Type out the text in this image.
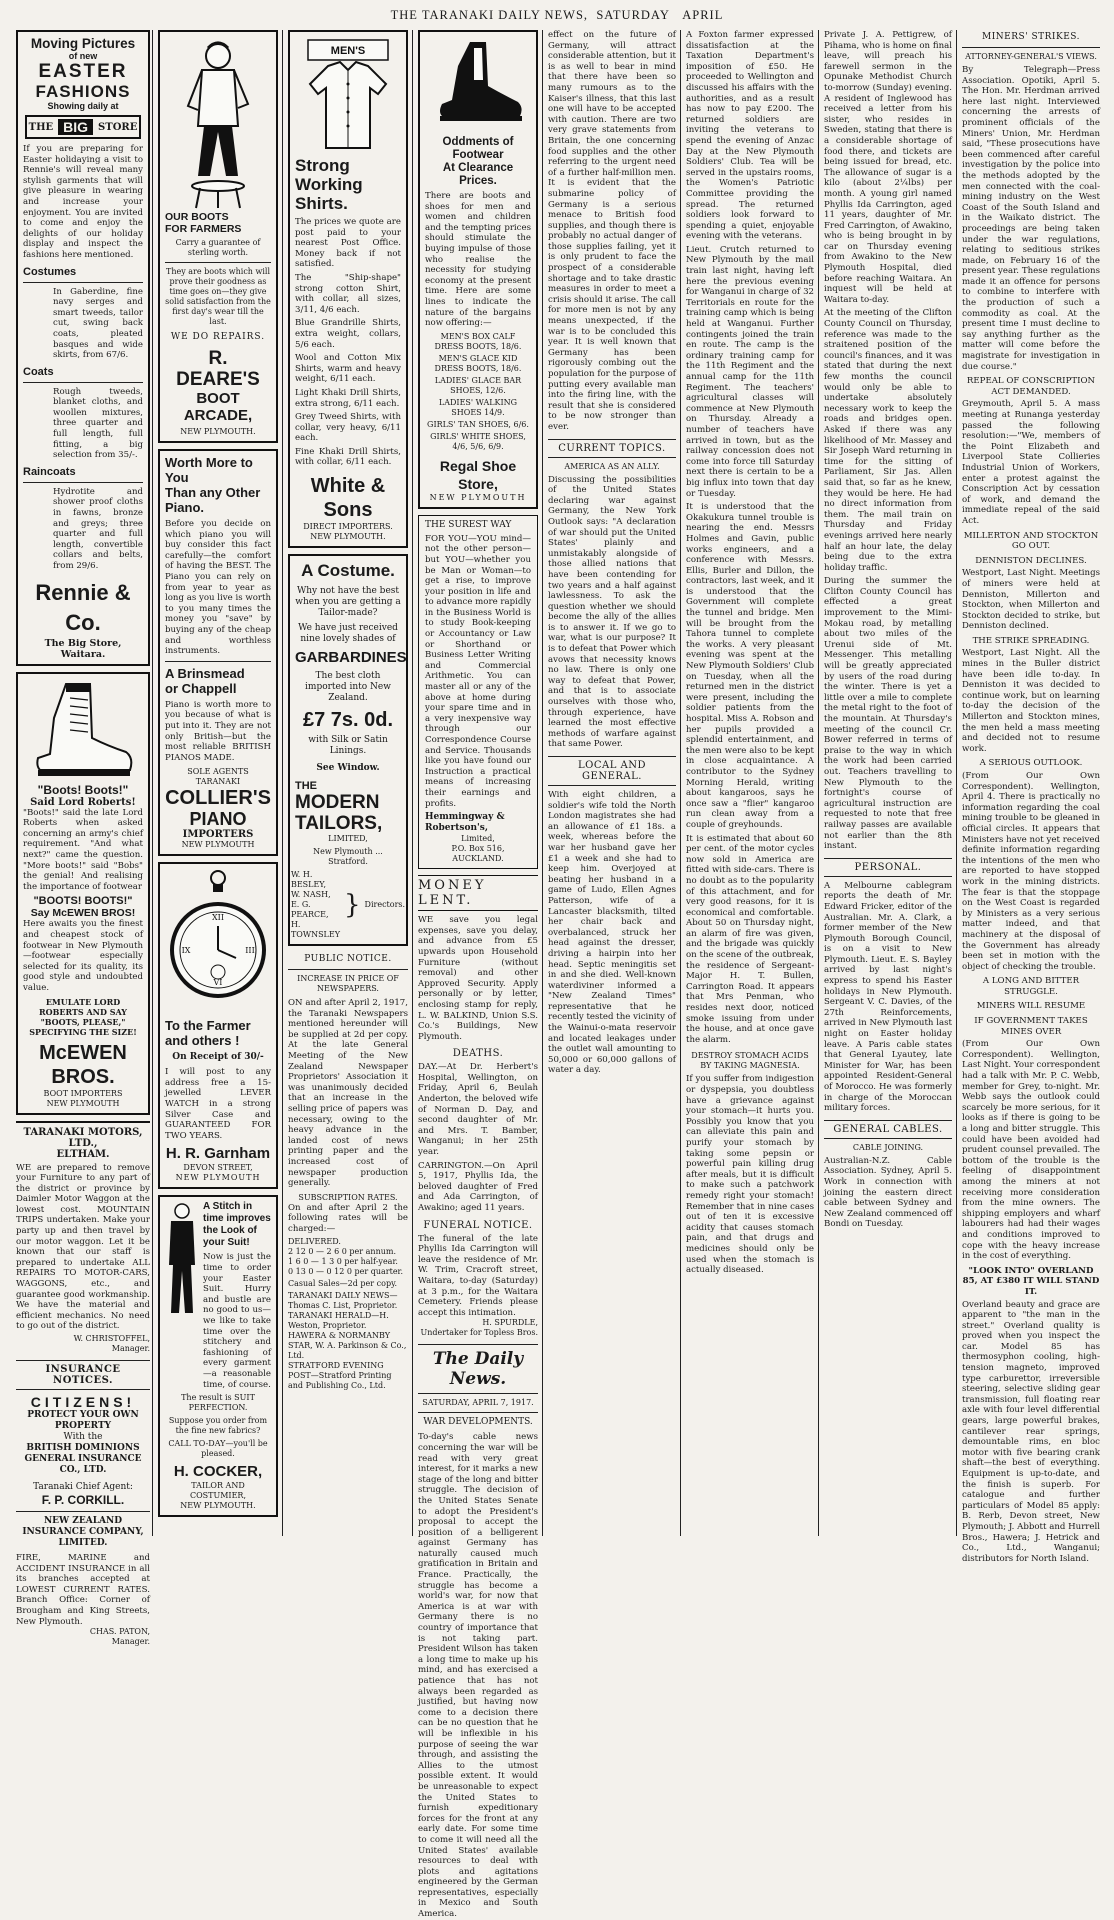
THE TARANAKI DAILY NEWS, SATURDAY APRIL
Moving Pictures
of new
EASTER
FASHIONS
Showing daily at
THE BIG	STORE
If you are preparing for Easter holidaying a visit to Rennie's will reveal many stylish garments that will give pleasure in wearing and increase your enjoyment. You are invited to come and enjoy the delights of our holiday display and inspect the fashions here mentioned.
Costumes
In Gaberdine, fine navy serges and smart tweeds, tailor cut, swing back coats, pleated basques and wide skirts, from 67/6.
Coats
Rough tweeds, blanket cloths, and woollen mixtures, three quarter and full length, full fitting, a big selection from 35/-.
Raincoats
Hydrotite and shower proof cloths in fawns, bronze and greys; three quarter and full length, convertible collars and belts, from 29/6.
Rennie & Co.
The Big Store, Waitara.
"Boots! Boots!"
Said Lord Roberts!
"Boots!" said the late Lord Roberts when asked concerning an army's chief requirement. "And what next?" came the question. "More boots!" said "Bobs" the genial! And realising the importance of footwear
"BOOTS! BOOTS!"
Say McEWEN BROS!
Here awaits you the finest and cheapest stock of footwear in New Plymouth—footwear especially selected for its quality, its good style and undoubted value.
EMULATE LORD ROBERTS AND SAY "BOOTS, PLEASE," SPECIFYING THE SIZE!
McEWEN BROS.
BOOT IMPORTERS
NEW PLYMOUTH
TARANAKI MOTORS, LTD.,
ELTHAM.
WE are prepared to remove your Furniture to any part of the district or province by Daimler Motor Waggon at the lowest cost. MOUNTAIN TRIPS undertaken. Make your party up and then travel by our motor waggon. Let it be known that our staff is prepared to undertake ALL REPAIRS TO MOTOR-CARS, WAGGONS, etc., and guarantee good workmanship. We have the material and efficient mechanics. No need to go out of the district.
W. CHRISTOFFEL,
Manager.
INSURANCE NOTICES.
CITIZENS!
PROTECT YOUR OWN PROPERTY
With the
BRITISH DOMINIONS GENERAL INSURANCE CO., LTD.
Taranaki Chief Agent:
F. P. CORKILL.
NEW ZEALAND INSURANCE COMPANY, LIMITED.
FIRE, MARINE and ACCIDENT INSURANCE in all its branches accepted at LOWEST CURRENT RATES. Branch Office: Corner of Brougham and King Streets, New Plymouth.
CHAS. PATON,
Manager.
OUR BOOTS
FOR FARMERS
Carry a guarantee of sterling worth.
They are boots which will prove their goodness as time goes on—they give solid satisfaction from the first day's wear till the last.
WE DO REPAIRS.
R. DEARE'S
BOOT
ARCADE,
NEW PLYMOUTH.
Worth More to You
Than any Other Piano.
Before you decide on which piano you will buy consider this fact carefully—the comfort of having the BEST. The Piano you can rely on from year to year as long as you live is worth to you many times the money you "save" by buying any of the cheap and worthless instruments.
A Brinsmead
or Chappell
Piano is worth more to you because of what is put into it. They are not only British—but the most reliable BRITISH PIANOS MADE.
SOLE AGENTS TARANAKI
COLLIER'S
PIANO
IMPORTERS
NEW PLYMOUTH
XII
III
VI
IX
To the Farmer
and others !
On Receipt of 30/-
I will post to any address free a 15-jewelled LEVER WATCH in a strong Silver Case and GUARANTEED FOR TWO YEARS.
H. R. Garnham
DEVON STREET,
NEW PLYMOUTH
A Stitch in time improves the Look of your Suit!
Now is just the time to order your Easter Suit. Hurry and bustle are no good to us—we like to take time over the stitchery and fashioning of every garment—a reasonable time, of course.
The result is SUIT PERFECTION.
Suppose you order from the fine new fabrics?
CALL TO-DAY—you'll be pleased.
H. COCKER,
TAILOR AND COSTUMIER,
NEW PLYMOUTH.
MEN'S
Strong
Working
Shirts.
The prices we quote are post paid to your nearest Post Office. Money back if not satisfied.
The "Ship-shape" strong cotton Shirt, with collar, all sizes, 3/11, 4/6 each.
Blue Grandrille Shirts, extra weight, collars, 5/6 each.
Wool and Cotton Mix Shirts, warm and heavy weight, 6/11 each.
Light Khaki Drill Shirts, extra strong, 6/11 each.
Grey Tweed Shirts, with collar, very heavy, 6/11 each.
Fine Khaki Drill Shirts, with collar, 6/11 each.
White & Sons
DIRECT IMPORTERS.
NEW PLYMOUTH.
A Costume.
Why not have the best when you are getting a Tailor-made?
We have just received nine lovely shades of
GARBARDINES
The best cloth imported into New Zealand.
£7 7s. 0d.
with Silk or Satin Linings.
See Window.
THE
MODERN
TAILORS,
LIMITED,
New Plymouth ... Stratford.
W. H. BESLEY,
W. NASH,
E. G. PEARCE,
H. TOWNSLEY
} Directors.
PUBLIC NOTICE.
INCREASE IN PRICE OF NEWSPAPERS.
ON and after April 2, 1917, the Taranaki Newspapers mentioned hereunder will be supplied at 2d per copy. At the late General Meeting of the New Zealand Newspaper Proprietors' Association it was unanimously decided that an increase in the selling price of papers was necessary, owing to the heavy advance in the landed cost of news printing paper and the increased cost of newspaper production generally.
SUBSCRIPTION RATES.
On and after April 2 the following rates will be charged:—
DELIVERED.
2 12 0 — 2 6 0 per annum.
1 6 0 — 1 3 0 per half-year.
0 13 0 — 0 12 0 per quarter.
Casual Sales—2d per copy.
TARANAKI DAILY NEWS—Thomas C. List, Proprietor.
TARANAKI HERALD—H. Weston, Proprietor.
HAWERA & NORMANBY STAR, W. A. Parkinson & Co., Ltd.
STRATFORD EVENING POST—Stratford Printing and Publishing Co., Ltd.
Oddments of Footwear
At Clearance Prices.
There are boots and shoes for men and women and children and the tempting prices should stimulate the buying impulse of those who realise the necessity for studying economy at the present time. Here are some lines to indicate the nature of the bargains now offering:—
MEN'S BOX CALF DRESS BOOTS, 18/6.
MEN'S GLACE KID DRESS BOOTS, 18/6.
LADIES' GLACE BAR SHOES, 12/6.
LADIES' WALKING SHOES 14/9.
GIRLS' TAN SHOES, 6/6.
GIRLS' WHITE SHOES, 4/6, 5/6, 6/9.
Regal Shoe Store,
NEW PLYMOUTH
THE SUREST WAY
FOR YOU—YOU mind—not the other person—but YOU—whether you be Man or Woman—to get a rise, to improve your position in life and to advance more rapidly in the Business World is to study Book-keeping or Accountancy or Law or Shorthand or Business Letter Writing and Commercial Arithmetic. You can master all or any of the above at home during your spare time and in a very inexpensive way through our Correspondence Course and Service. Thousands like you have found our Instruction a practical means of increasing their earnings and profits.
Hemmingway & Robertson's,
Limited,
P.O. Box 516,
AUCKLAND.
MONEY LENT.
WE save you legal expenses, save you delay, and advance from £5 upwards upon Household Furniture (without removal) and other Approved Security. Apply personally or by letter, enclosing stamp for reply, L. W. BALKIND, Union S.S. Co.'s Buildings, New Plymouth.
DEATHS.
DAY.—At Dr. Herbert's Hospital, Wellington, on Friday, April 6, Beulah Anderton, the beloved wife of Norman D. Day, and second daughter of Mr. and Mrs. T. Bamber, Wanganui; in her 25th year.
CARRINGTON.—On April 5, 1917, Phyllis Ida, the beloved daughter of Fred and Ada Carrington, of Awakino; aged 11 years.
FUNERAL NOTICE.
The funeral of the late Phyllis Ida Carrington will leave the residence of Mr. W. Trim, Cracroft street, Waitara, to-day (Saturday) at 3 p.m., for the Waitara Cemetery. Friends please accept this intimation.
H. SPURDLE,
Undertaker for Topless Bros.
The Daily News.
SATURDAY, APRIL 7, 1917.
WAR DEVELOPMENTS.
To-day's cable news concerning the war will be read with very great interest, for it marks a new stage of the long and bitter struggle. The decision of the United States Senate to adopt the President's proposal to accept the position of a belligerent against Germany has naturally caused much gratification in Britain and France. Practically, the struggle has become a world's war, for now that America is at war with Germany there is no country of importance that is not taking part. President Wilson has taken a long time to make up his mind, and has exercised a patience that has not always been regarded as justified, but having now come to a decision there can be no question that he will be inflexible in his purpose of seeing the war through, and assisting the Allies to the utmost possible extent. It would be unreasonable to expect the United States to furnish expeditionary forces for the front at any early date. For some time to come it will need all the United States' available resources to deal with plots and agitations engineered by the German representatives, especially in Mexico and South America.
effect on the future of Germany, will attract considerable attention, but it is as well to bear in mind that there have been so many rumours as to the Kaiser's illness, that this last one will have to be accepted with caution. There are two very grave statements from Britain, the one concerning food supplies and the other referring to the urgent need of a further half-million men. It is evident that the submarine policy of Germany is a serious menace to British food supplies, and though there is probably no actual danger of those supplies failing, yet it is only prudent to face the prospect of a considerable shortage and to take drastic measures in order to meet a crisis should it arise. The call for more men is not by any means unexpected, if the war is to be concluded this year. It is well known that Germany has been rigorously combing out the population for the purpose of putting every available man into the firing line, with the result that she is considered to be now stronger than ever.
CURRENT TOPICS.
AMERICA AS AN ALLY.
Discussing the possibilities of the United States declaring war against Germany, the New York Outlook says: "A declaration of war should put the United States' plainly and unmistakably alongside of those allied nations that have been contending for two years and a half against lawlessness. To ask the question whether we should become the ally of the allies is to answer it. If we go to war, what is our purpose? It is to defeat that Power which avows that necessity knows no law. There is only one way to defeat that Power, and that is to associate ourselves with those who, through experience, have learned the most effective methods of warfare against that same Power.
LOCAL AND GENERAL.
With eight children, a soldier's wife told the North London magistrates she had an allowance of £1 18s. a week, whereas before the war her husband gave her £1 a week and she had to keep him. Overjoyed at beating her husband in a game of Ludo, Ellen Agnes Patterson, wife of a Lancaster blacksmith, tilted her chair back and overbalanced, struck her head against the dresser, driving a hairpin into her head. Septic meningitis set in and she died. Well-known waterdiviner informed a "New Zealand Times" representative that he recently tested the vicinity of the Wainui-o-mata reservoir and located leakages under the outlet wall amounting to 50,000 or 60,000 gallons of water a day.
A Foxton farmer expressed dissatisfaction at the Taxation Department's imposition of £50. He proceeded to Wellington and discussed his affairs with the authorities, and as a result has now to pay £200. The returned soldiers are inviting the veterans to spend the evening of Anzac Day at the New Plymouth Soldiers' Club. Tea will be served in the upstairs rooms, the Women's Patriotic Committee providing the spread. The returned soldiers look forward to spending a quiet, enjoyable evening with the veterans.
Lieut. Crutch returned to New Plymouth by the mail train last night, having left here the previous evening for Wanganui in charge of 32 Territorials en route for the training camp which is being held at Wanganui. Further contingents joined the train en route. The camp is the ordinary training camp for the 11th Regiment and the annual camp for the 11th Regiment. The teachers' agricultural classes will commence at New Plymouth on Thursday. Already a number of teachers have arrived in town, but as the railway concession does not come into force till Saturday next there is certain to be a big influx into town that day or Tuesday.
It is understood that the Okakukura tunnel trouble is nearing the end. Messrs Holmes and Gavin, public works engineers, and a conference with Messrs. Ellis, Burler and Dillon, the contractors, last week, and it is understood that the Government will complete the tunnel and bridge. Men will be brought from the Tahora tunnel to complete the works. A very pleasant evening was spent at the New Plymouth Soldiers' Club on Tuesday, when all the returned men in the district were present, including the soldier patients from the hospital. Miss A. Robson and her pupils provided a splendid entertainment, and the men were also to be kept in close acquaintance. A contributor to the Sydney Morning Herald, writing about kangaroos, says he once saw a "flier" kangaroo run clean away from a couple of greyhounds.
It is estimated that about 60 per cent. of the motor cycles now sold in America are fitted with side-cars. There is no doubt as to the popularity of this attachment, and for very good reasons, for it is economical and comfortable. About 50 on Thursday night, an alarm of fire was given, and the brigade was quickly on the scene of the outbreak, the residence of Sergeant-Major H. T. Bullen, Carrington Road. It appears that Mrs Penman, who resides next door, noticed smoke issuing from under the house, and at once gave the alarm.
DESTROY STOMACH ACIDS BY TAKING MAGNESIA.
If you suffer from indigestion or dyspepsia, you doubtless have a grievance against your stomach—it hurts you. Possibly you know that you can alleviate this pain and purify your stomach by taking some pepsin or powerful pain killing drug after meals, but it is difficult to make such a patchwork remedy right your stomach! Remember that in nine cases out of ten it is excessive acidity that causes stomach pain, and that drugs and medicines should only be used when the stomach is actually diseased.
Private J. A. Pettigrew, of Pihama, who is home on final leave, will preach his farewell sermon in the Opunake Methodist Church to-morrow (Sunday) evening. A resident of Inglewood has received a letter from his sister, who resides in Sweden, stating that there is a considerable shortage of food there, and tickets are being issued for bread, etc. The allowance of sugar is a kilo (about 2¼lbs) per month. A young girl named Phyllis Ida Carrington, aged 11 years, daughter of Mr. Fred Carrington, of Awakino, who is being brought in by car on Thursday evening from Awakino to the New Plymouth Hospital, died before reaching Waitara. An inquest will be held at Waitara to-day.
At the meeting of the Clifton County Council on Thursday, reference was made to the straitened position of the council's finances, and it was stated that during the next few months the council would only be able to undertake absolutely necessary work to keep the roads and bridges open. Asked if there was any likelihood of Mr. Massey and Sir Joseph Ward returning in time for the sitting of Parliament, Sir Jas. Allen said that, so far as he knew, they would be here. He had no direct information from them. The mail train on Thursday and Friday evenings arrived here nearly half an hour late, the delay being due to the extra holiday traffic.
During the summer the Clifton County Council has effected a great improvement to the Mimi-Mokau road, by metalling about two miles of the Urenui side of Mt. Messenger. This metalling will be greatly appreciated by users of the road during the winter. There is yet a little over a mile to complete the metal right to the foot of the mountain. At Thursday's meeting of the council Cr. Bower referred in terms of praise to the way in which the work had been carried out. Teachers travelling to New Plymouth to the fortnight's course of agricultural instruction are requested to note that free railway passes are available not earlier than the 8th instant.
PERSONAL.
A Melbourne cablegram reports the death of Mr. Edward Fricker, editor of the Australian. Mr. A. Clark, a former member of the New Plymouth Borough Council, is on a visit to New Plymouth. Lieut. E. S. Bayley arrived by last night's express to spend his Easter holidays in New Plymouth. Sergeant V. C. Davies, of the 27th Reinforcements, arrived in New Plymouth last night on Easter holiday leave. A Paris cable states that General Lyautey, late Minister for War, has been appointed Resident-General of Morocco. He was formerly in charge of the Moroccan military forces.
GENERAL CABLES.
CABLE JOINING.
Australian-N.Z. Cable Association. Sydney, April 5. Work in connection with joining the eastern direct cable between Sydney and New Zealand commenced off Bondi on Tuesday.
MINERS' STRIKES.
ATTORNEY-GENERAL'S VIEWS.
By Telegraph—Press Association. Opotiki, April 5. The Hon. Mr. Herdman arrived here last night. Interviewed concerning the arrests of prominent officials of the Miners' Union, Mr. Herdman said, "These prosecutions have been commenced after careful investigation by the police into the methods adopted by the men connected with the coal-mining industry on the West Coast of the South Island and in the Waikato district. The proceedings are being taken under the war regulations, relating to seditious strikes made, on February 16 of the present year. These regulations made it an offence for persons to combine to interfere with the production of such a commodity as coal. At the present time I must decline to say anything further as the matter will come before the magistrate for investigation in due course."
REPEAL OF CONSCRIPTION ACT DEMANDED.
Greymouth, April 5. A mass meeting at Runanga yesterday passed the following resolution:—"We, members of the Point Elizabeth and Liverpool State Collieries Industrial Union of Workers, enter a protest against the Conscription Act by cessation of work, and demand the immediate repeal of the said Act.
MILLERTON AND STOCKTON GO OUT.
DENNISTON DECLINES.
Westport, Last Night. Meetings of miners were held at Denniston, Millerton and Stockton, when Millerton and Stockton decided to strike, but Denniston declined.
THE STRIKE SPREADING.
Westport, Last Night. All the mines in the Buller district have been idle to-day. In Denniston it was decided to continue work, but on learning to-day the decision of the Millerton and Stockton mines, the men held a mass meeting and decided not to resume work.
A SERIOUS OUTLOOK.
(From Our Own Correspondent). Wellington, April 4. There is practically no information regarding the coal mining trouble to be gleaned in official circles. It appears that Ministers have not yet received definite information regarding the intentions of the men who are reported to have stopped work in the mining districts. The fear is that the stoppage on the West Coast is regarded by Ministers as a very serious matter indeed, and that machinery at the disposal of the Government has already been set in motion with the object of checking the trouble.
A LONG AND BITTER STRUGGLE.
MINERS WILL RESUME
IF GOVERNMENT TAKES MINES OVER
(From Our Own Correspondent). Wellington, Last Night. Your correspondent had a talk with Mr. P. C. Webb, member for Grey, to-night. Mr. Webb says the outlook could scarcely be more serious, for it looks as if there is going to be a long and bitter struggle. This could have been avoided had prudent counsel prevailed. The bottom of the trouble is the feeling of disappointment among the miners at not receiving more consideration from the mine owners. The shipping employers and wharf labourers had had their wages and conditions improved to cope with the heavy increase in the cost of everything.
"LOOK INTO" OVERLAND 85, AT £380 IT WILL STAND IT.
Overland beauty and grace are apparent to "the man in the street." Overland quality is proved when you inspect the car. Model 85 has thermosyphon cooling, high-tension magneto, improved type carburettor, irreversible steering, selective sliding gear transmission, full floating rear axle with four level differential gears, large powerful brakes, cantilever rear springs, demountable rims, en bloc motor with five bearing crank shaft—the best of everything. Equipment is up-to-date, and the finish is superb. For catalogue and further particulars of Model 85 apply: B. Rerb, Devon street, New Plymouth; J. Abbott and Hurrell Bros., Hawera; J. Hetrick and Co., Ltd., Wanganui; distributors for North Island.
